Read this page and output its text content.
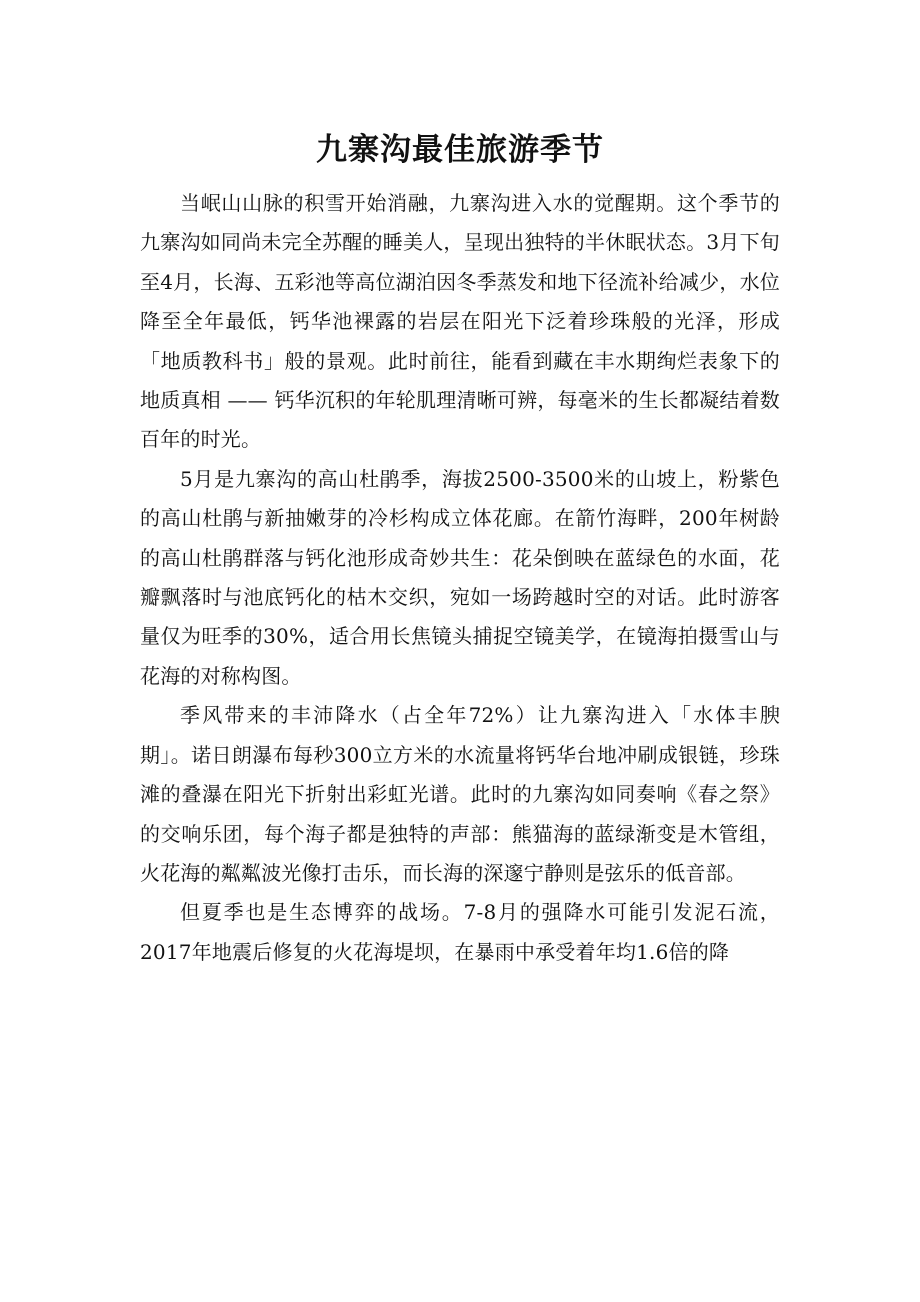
九寨沟最佳旅游季节

当岷山山脉的积雪开始消融，九寨沟进入水的觉醒期。这个季节的九寨沟如同尚未完全苏醒的睡美人，呈现出独特的半休眠状态。3月下旬至4月，长海、五彩池等高位湖泊因冬季蒸发和地下径流补给减少，水位降至全年最低，钙华池裸露的岩层在阳光下泛着珍珠般的光泽，形成「地质教科书」般的景观。此时前往，能看到藏在丰水期绚烂表象下的地质真相 —— 钙华沉积的年轮肌理清晰可辨，每毫米的生长都凝结着数百年的时光。

5月是九寨沟的高山杜鹃季，海拔2500-3500米的山坡上，粉紫色的高山杜鹃与新抽嫩芽的冷杉构成立体花廊。在箭竹海畔，200年树龄的高山杜鹃群落与钙化池形成奇妙共生：花朵倒映在蓝绿色的水面，花瓣飘落时与池底钙化的枯木交织，宛如一场跨越时空的对话。此时游客量仅为旺季的30%，适合用长焦镜头捕捉空镜美学，在镜海拍摄雪山与花海的对称构图。

季风带来的丰沛降水（占全年72%）让九寨沟进入「水体丰腴期」。诺日朗瀑布每秒300立方米的水流量将钙华台地冲刷成银链，珍珠滩的叠瀑在阳光下折射出彩虹光谱。此时的九寨沟如同奏响《春之祭》的交响乐团，每个海子都是独特的声部：熊猫海的蓝绿渐变是木管组，火花海的粼粼波光像打击乐，而长海的深邃宁静则是弦乐的低音部。

但夏季也是生态博弈的战场。7-8月的强降水可能引发泥石流，2017年地震后修复的火花海堤坝，在暴雨中承受着年均1.6倍的降
